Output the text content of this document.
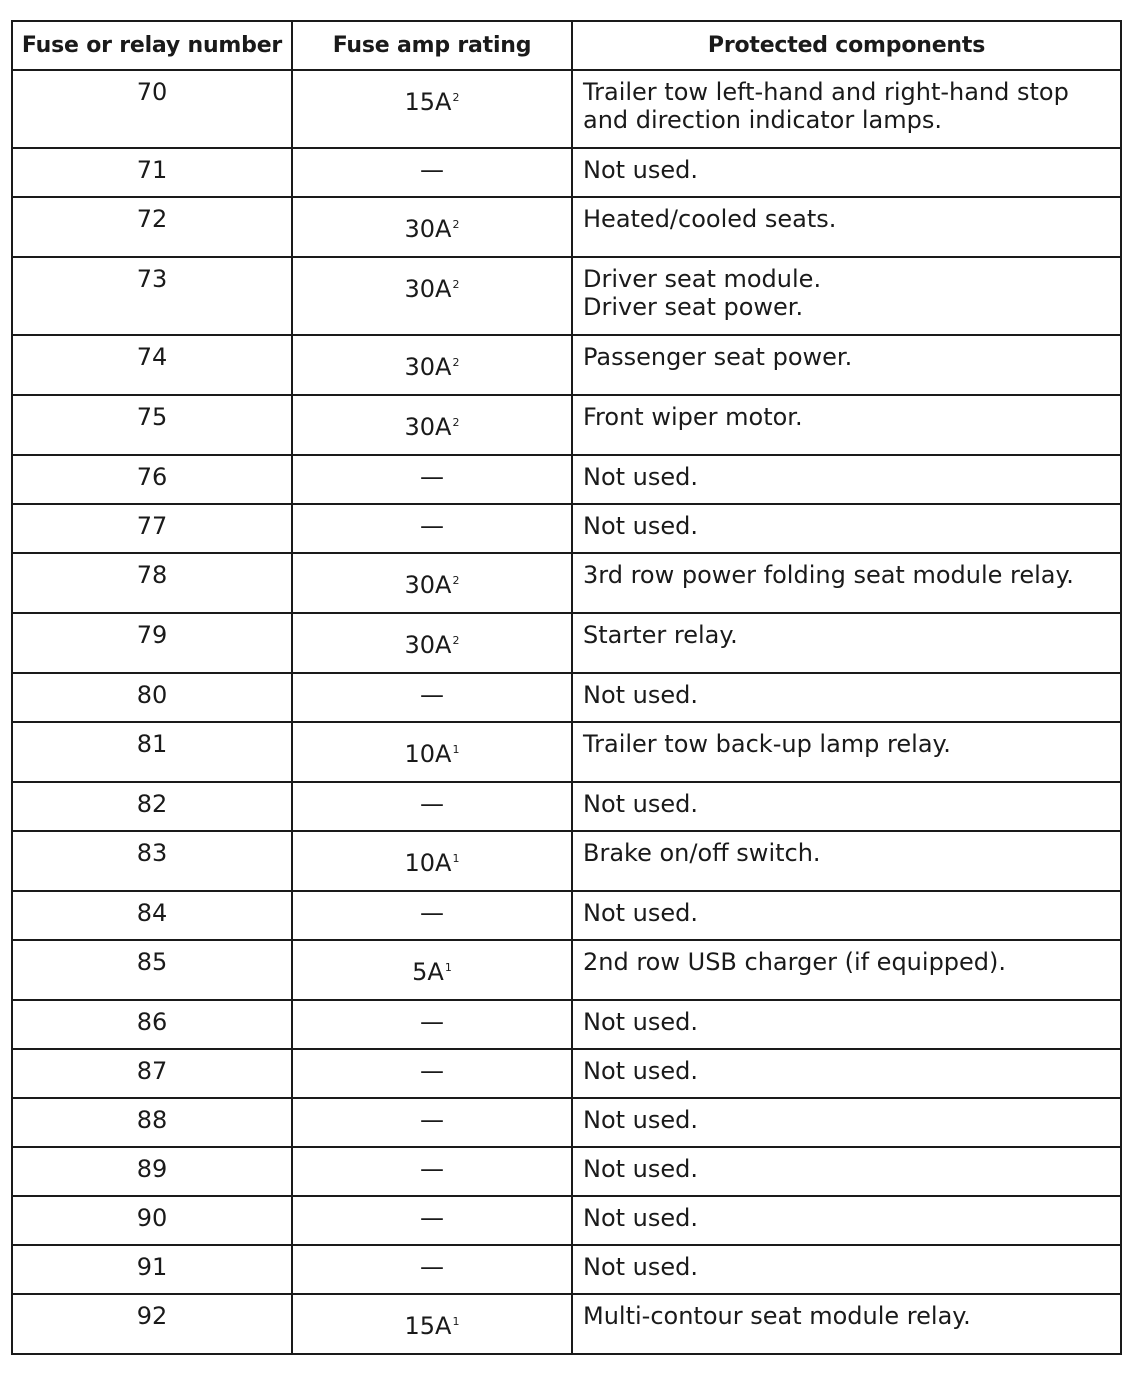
Fuse or relay number	Fuse amp rating	Protected components
70	$15A^2$	Trailer tow left-hand and right-hand stop
and direction indicator lamps.

71	—	Not used.

72	$30A^2$	Heated/cooled seats.

73	$30A^2$	Driver seat module.
Driver seat power.

74	$30A^2$	Passenger seat power.

75	$30A^2$	Front wiper motor.

76	—	Not used.

77	—	Not used.

78	$30A^2$	3rd row power folding seat module relay.

79	$30A^2$	Starter relay.

80	—	Not used.

81	$10A^1$	Trailer tow back-up lamp relay.

82	—	Not used.

83	$10A^1$	Brake on/off switch.

84	—	Not used.

85	$5A^1$	2nd row USB charger (if equipped).

86	—	Not used.

87	—	Not used.

88	—	Not used.

89	—	Not used.

90	—	Not used.

91	—	Not used.

92	$15A^1$	Multi-contour seat module relay.
